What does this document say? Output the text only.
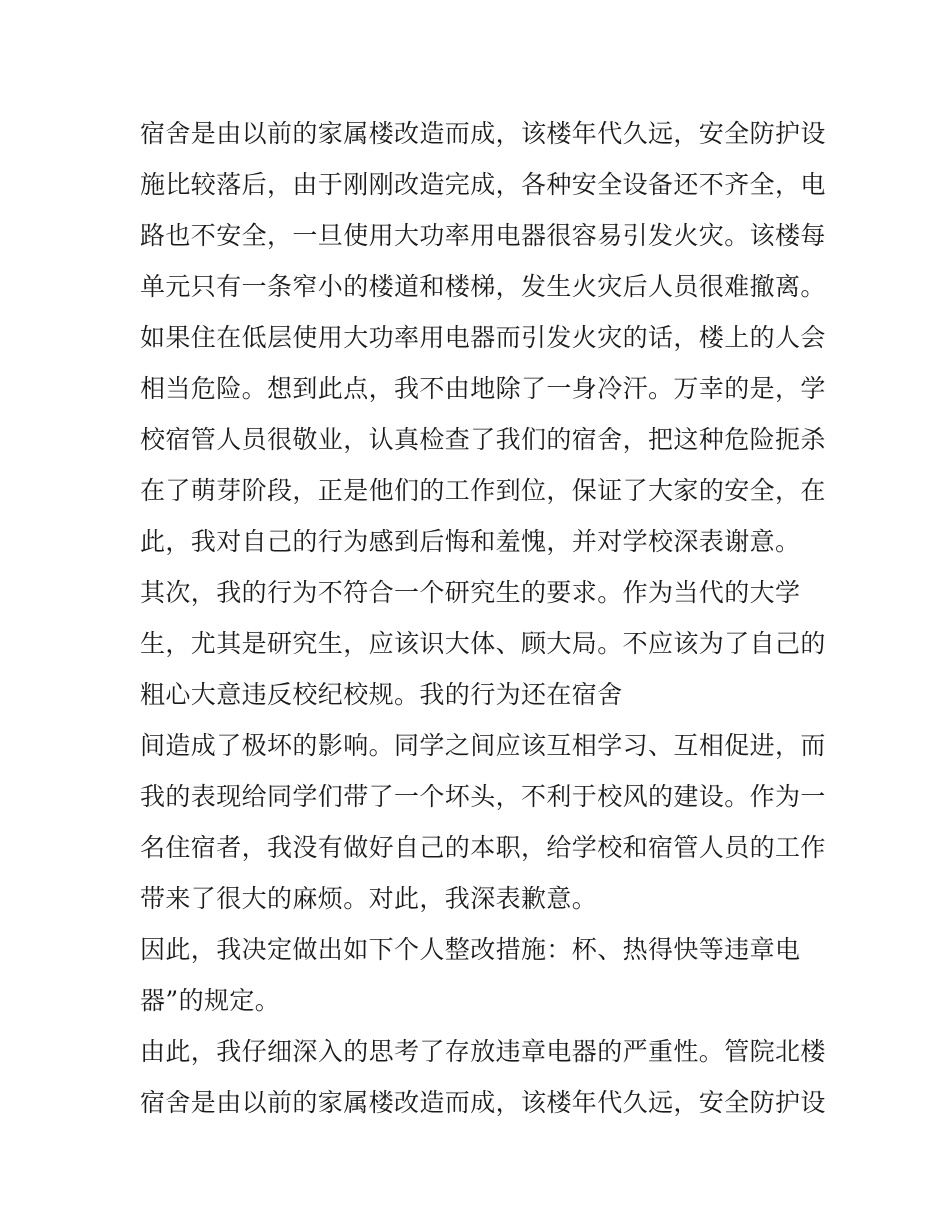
宿舍是由以前的家属楼改造而成，该楼年代久远，安全防护设
施比较落后，由于刚刚改造完成，各种安全设备还不齐全，电
路也不安全，一旦使用大功率用电器很容易引发火灾。该楼每
单元只有一条窄小的楼道和楼梯，发生火灾后人员很难撤离。
如果住在低层使用大功率用电器而引发火灾的话，楼上的人会
相当危险。想到此点，我不由地除了一身冷汗。万幸的是，学
校宿管人员很敬业，认真检查了我们的宿舍，把这种危险扼杀
在了萌芽阶段，正是他们的工作到位，保证了大家的安全，在
此，我对自己的行为感到后悔和羞愧，并对学校深表谢意。
其次，我的行为不符合一个研究生的要求。作为当代的大学
生，尤其是研究生，应该识大体、顾大局。不应该为了自己的
粗心大意违反校纪校规。我的行为还在宿舍
间造成了极坏的影响。同学之间应该互相学习、互相促进，而
我的表现给同学们带了一个坏头，不利于校风的建设。作为一
名住宿者，我没有做好自己的本职，给学校和宿管人员的工作
带来了很大的麻烦。对此，我深表歉意。
因此，我决定做出如下个人整改措施：杯、热得快等违章电
器”的规定。
由此，我仔细深入的思考了存放违章电器的严重性。管院北楼
宿舍是由以前的家属楼改造而成，该楼年代久远，安全防护设
